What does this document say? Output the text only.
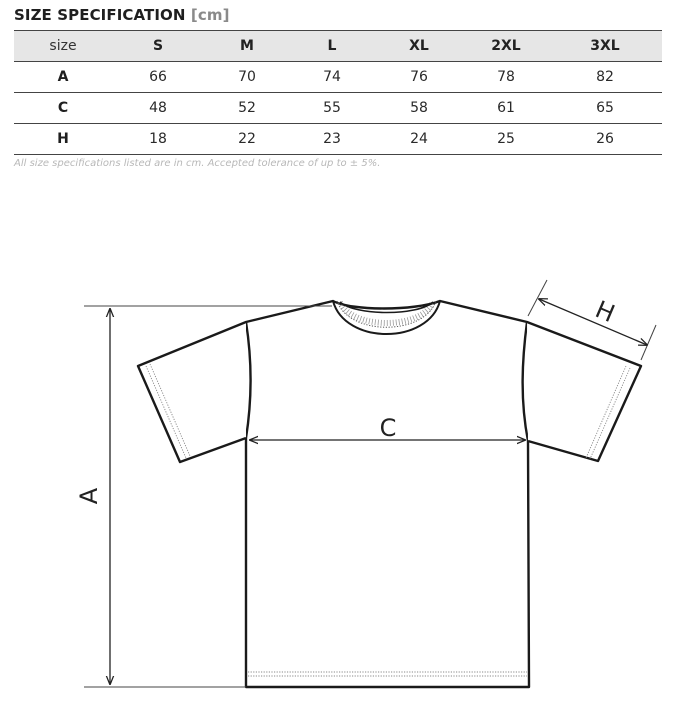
SIZE SPECIFICATION [cm]
size	S	M	L	XL	2XL	3XL
A	66	70	74	76	78	82
C	48	52	55	58	61	65
H	18	22	23	24	25	26
All size specifications listed are in cm. Accepted tolerance of up to ± 5%.
A
C
H
